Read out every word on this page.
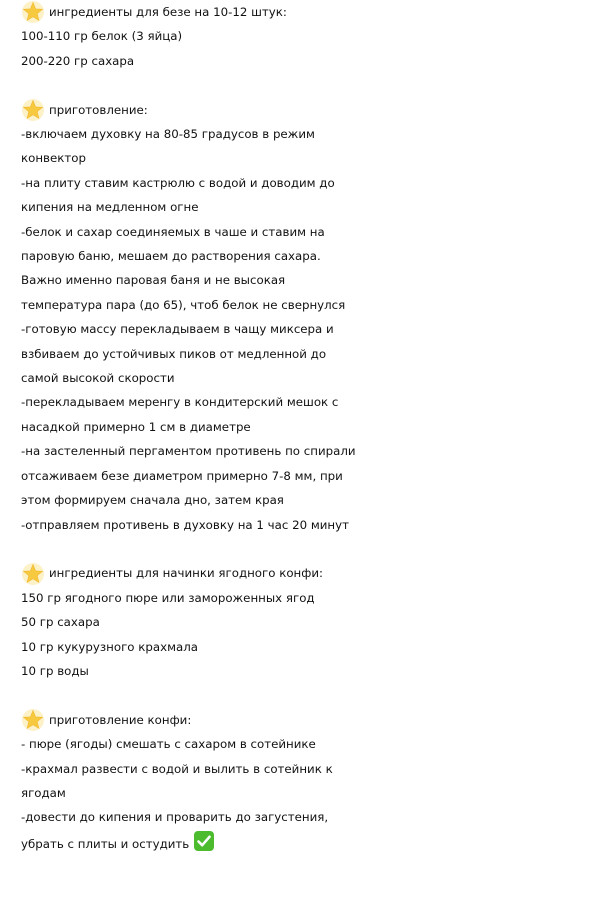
ингредиенты для безе на 10-12 штук:
100-110 гр белок (3 яйца)
200-220 гр сахара
приготовление:
-включаем духовку на 80-85 градусов в режим
конвектор
-на плиту ставим кастрюлю с водой и доводим до
кипения на медленном огне
-белок и сахар соединяемых в чаше и ставим на
паровую баню, мешаем до растворения сахара.
Важно именно паровая баня и не высокая
температура пара (до 65), чтоб белок не свернулся
-готовую массу перекладываем в чащу миксера и
взбиваем до устойчивых пиков от медленной до
самой высокой скорости
-перекладываем меренгу в кондитерский мешок с
насадкой примерно 1 см в диаметре
-на застеленный пергаментом противень по спирали
отсаживаем безе диаметром примерно 7-8 мм, при
этом формируем сначала дно, затем края
-отправляем противень в духовку на 1 час 20 минут
ингредиенты для начинки ягодного конфи:
150 гр ягодного пюре или замороженных ягод
50 гр сахара
10 гр кукурузного крахмала
10 гр воды
приготовление конфи:
- пюре (ягоды) смешать с сахаром в сотейнике
-крахмал развести с водой и вылить в сотейник к
ягодам
-довести до кипения и проварить до загустения,
убрать с плиты и остудить
